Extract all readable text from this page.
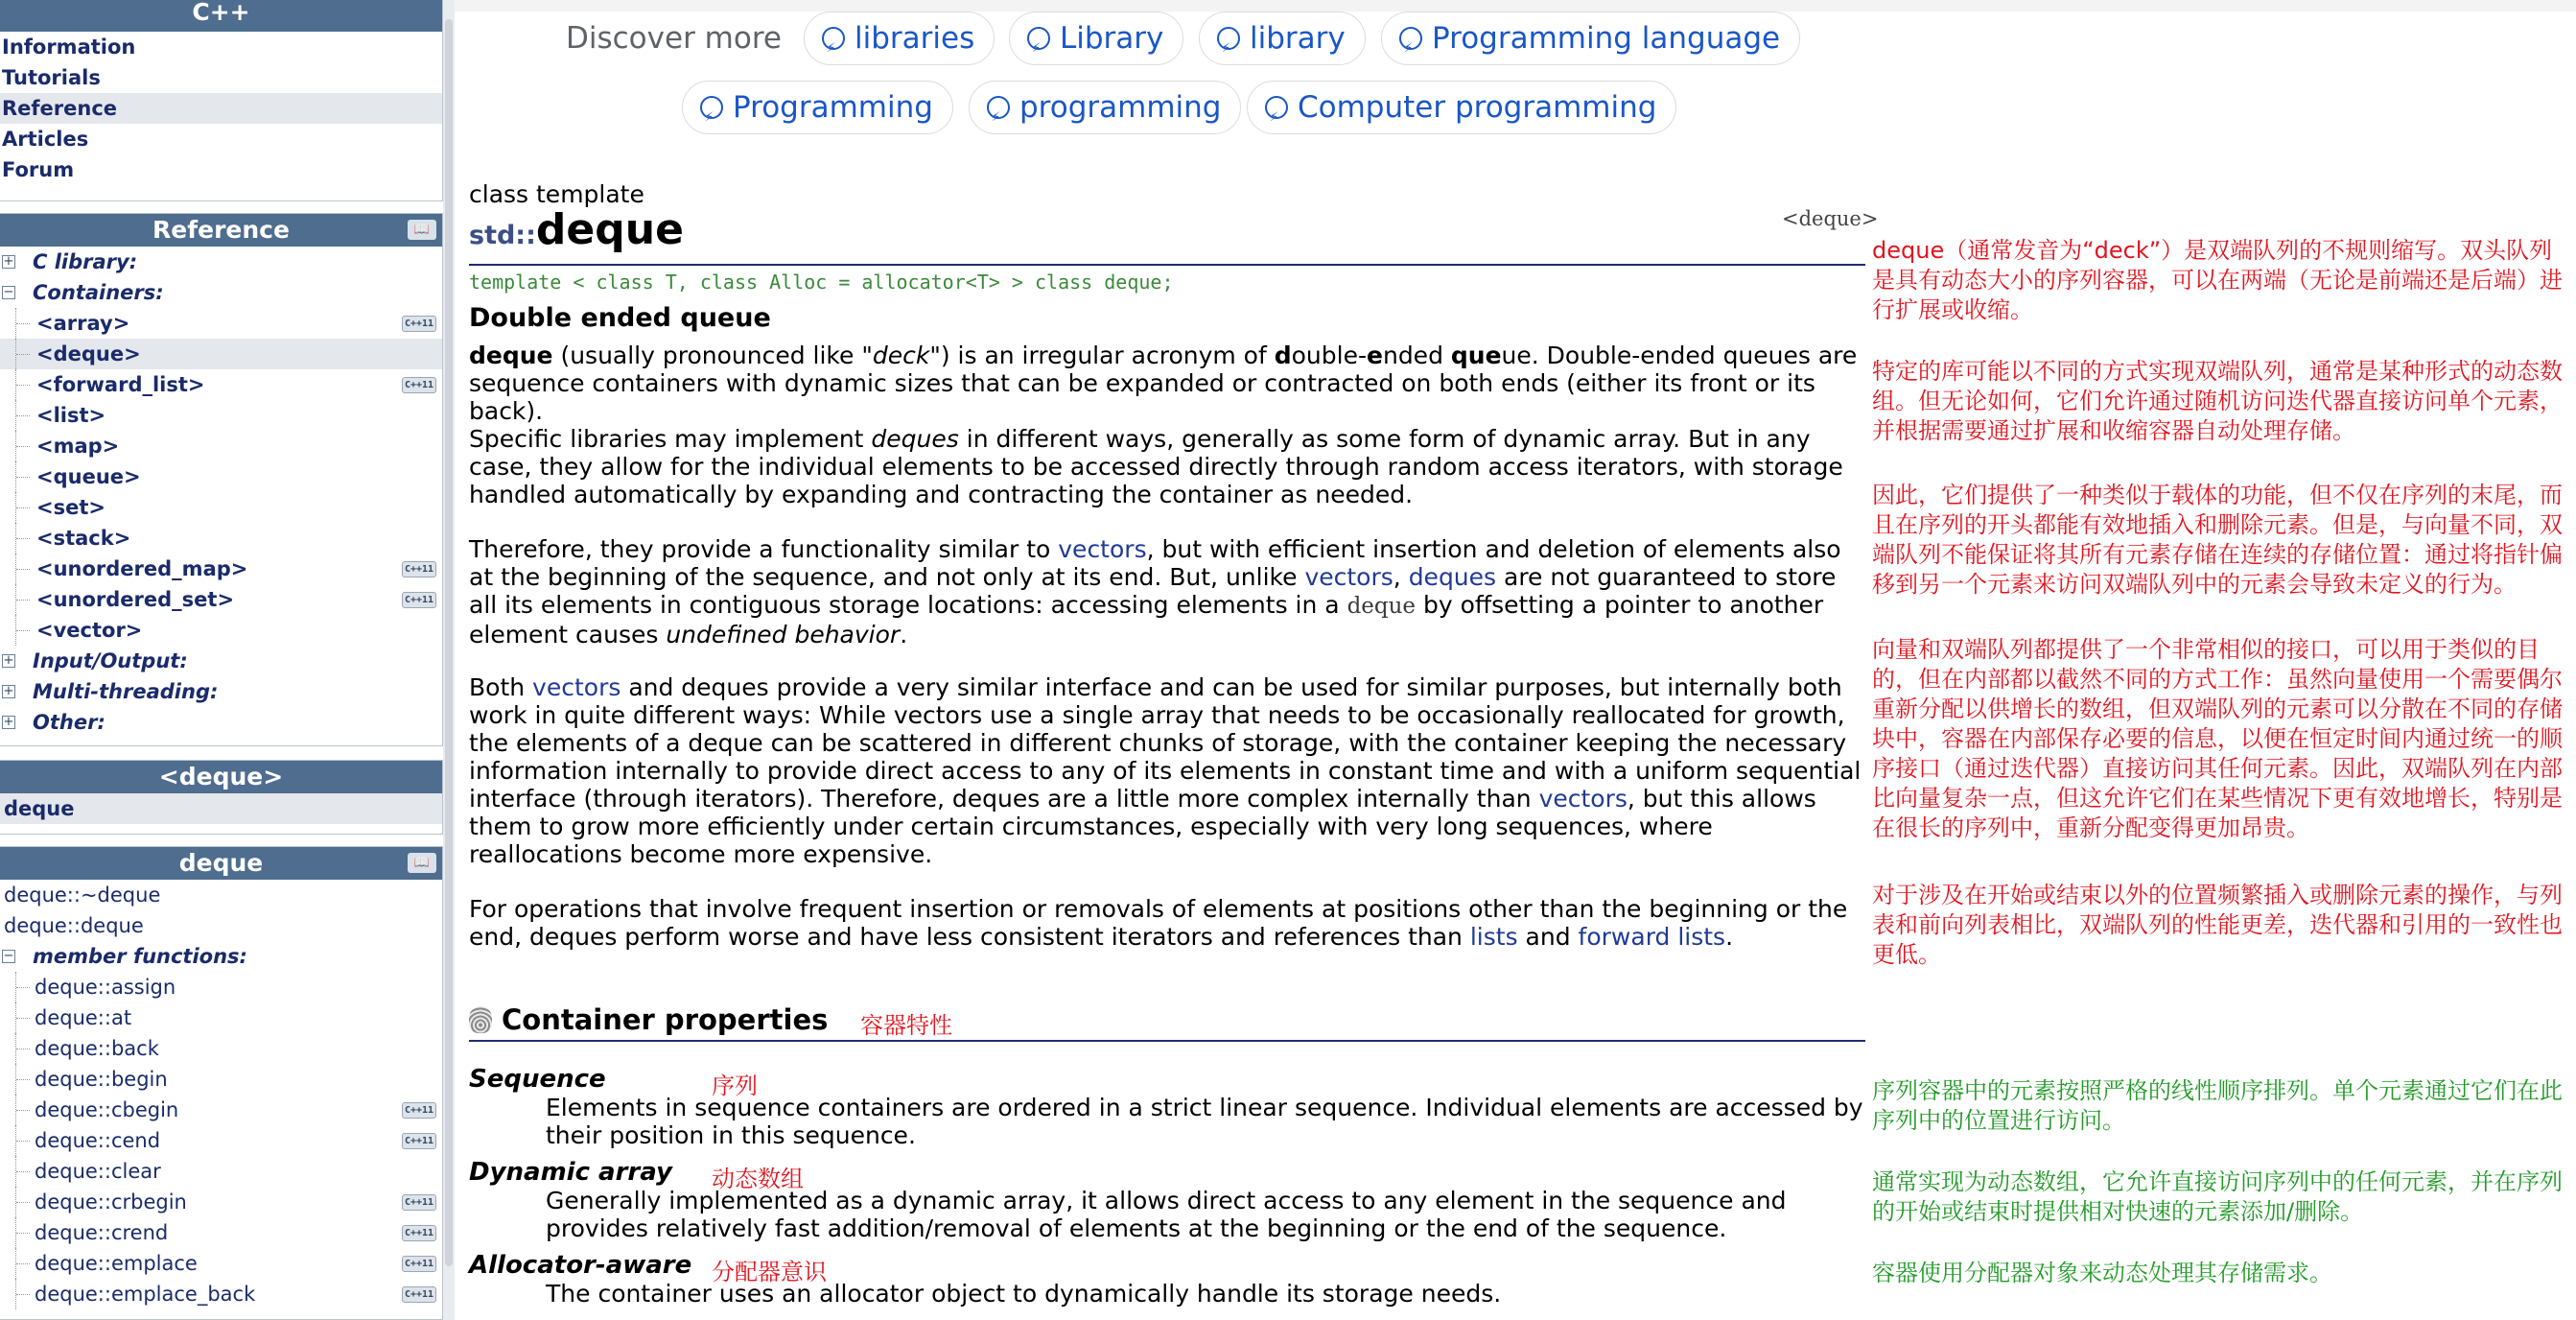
C++
Information
Tutorials
Reference
Articles
Forum
Reference	📖
+ C library:
− Containers:
<array>	C++11
<deque>
<forward_list>	C++11
<list>
<map>
<queue>
<set>
<stack>
<unordered_map>	C++11
<unordered_set>	C++11
<vector>
+ Input/Output:
+ Multi-threading:
+ Other:
<deque>
deque
deque	📖
deque::~deque
deque::deque
− member functions:
deque::assign
deque::at
deque::back
deque::begin
deque::cbegin	C++11
deque::cend	C++11
deque::clear
deque::crbegin	C++11
deque::crend	C++11
deque::emplace	C++11
deque::emplace_back	C++11
Discover more ⚡	libraries ⚡	Library ⚡	library ⚡	Programming language
⚡Programming ⚡	programming ⚡	Computer programming
class template
std::deque	<deque>
template < class T, class Alloc = allocator<T> > class deque;
Double ended queue
deque (usually pronounced like "deck") is an irregular acronym of double-ended queue. Double-ended queues are sequence containers with dynamic sizes that can be expanded or contracted on both ends (either its front or its back).
Specific libraries may implement deques in different ways, generally as some form of dynamic array. But in any case, they allow for the individual elements to be accessed directly through random access iterators, with storage handled automatically by expanding and contracting the container as needed.
Therefore, they provide a functionality similar to vectors, but with efficient insertion and deletion of elements also at the beginning of the sequence, and not only at its end. But, unlike vectors, deques are not guaranteed to store all its elements in contiguous storage locations: accessing elements in a deque by offsetting a pointer to another element causes undefined behavior.
Both vectors and deques provide a very similar interface and can be used for similar purposes, but internally both work in quite different ways: While vectors use a single array that needs to be occasionally reallocated for growth, the elements of a deque can be scattered in different chunks of storage, with the container keeping the necessary information internally to provide direct access to any of its elements in constant time and with a uniform sequential interface (through iterators). Therefore, deques are a little more complex internally than vectors, but this allows them to grow more efficiently under certain circumstances, especially with very long sequences, where reallocations become more expensive.
For operations that involve frequent insertion or removals of elements at positions other than the beginning or the end, deques perform worse and have less consistent iterators and references than lists and forward lists.
Container properties 容器特性
Sequence	序列
Elements in sequence containers are ordered in a strict linear sequence. Individual elements are accessed by their position in this sequence.
Dynamic array 动态数组
Generally implemented as a dynamic array, it allows direct access to any element in the sequence and provides relatively fast addition/removal of elements at the beginning or the end of the sequence.
Allocator-aware 分配器意识
The container uses an allocator object to dynamically handle its storage needs.
deque（通常发音为“deck”）是双端队列的不规则缩写。双头队列是具有动态大小的序列容器，可以在两端（无论是前端还是后端）进行扩展或收缩。
特定的库可能以不同的方式实现双端队列，通常是某种形式的动态数组。但无论如何，它们允许通过随机访问迭代器直接访问单个元素，并根据需要通过扩展和收缩容器自动处理存储。
因此，它们提供了一种类似于载体的功能，但不仅在序列的末尾，而且在序列的开头都能有效地插入和删除元素。但是，与向量不同，双端队列不能保证将其所有元素存储在连续的存储位置：通过将指针偏移到另一个元素来访问双端队列中的元素会导致未定义的行为。
向量和双端队列都提供了一个非常相似的接口，可以用于类似的目的，但在内部都以截然不同的方式工作：虽然向量使用一个需要偶尔重新分配以供增长的数组，但双端队列的元素可以分散在不同的存储块中，容器在内部保存必要的信息，以便在恒定时间内通过统一的顺序接口（通过迭代器）直接访问其任何元素。因此，双端队列在内部比向量复杂一点，但这允许它们在某些情况下更有效地增长，特别是在很长的序列中，重新分配变得更加昂贵。
对于涉及在开始或结束以外的位置频繁插入或删除元素的操作，与列表和前向列表相比，双端队列的性能更差，迭代器和引用的一致性也更低。
序列容器中的元素按照严格的线性顺序排列。单个元素通过它们在此序列中的位置进行访问。
通常实现为动态数组，它允许直接访问序列中的任何元素，并在序列的开始或结束时提供相对快速的元素添加/删除。
容器使用分配器对象来动态处理其存储需求。
